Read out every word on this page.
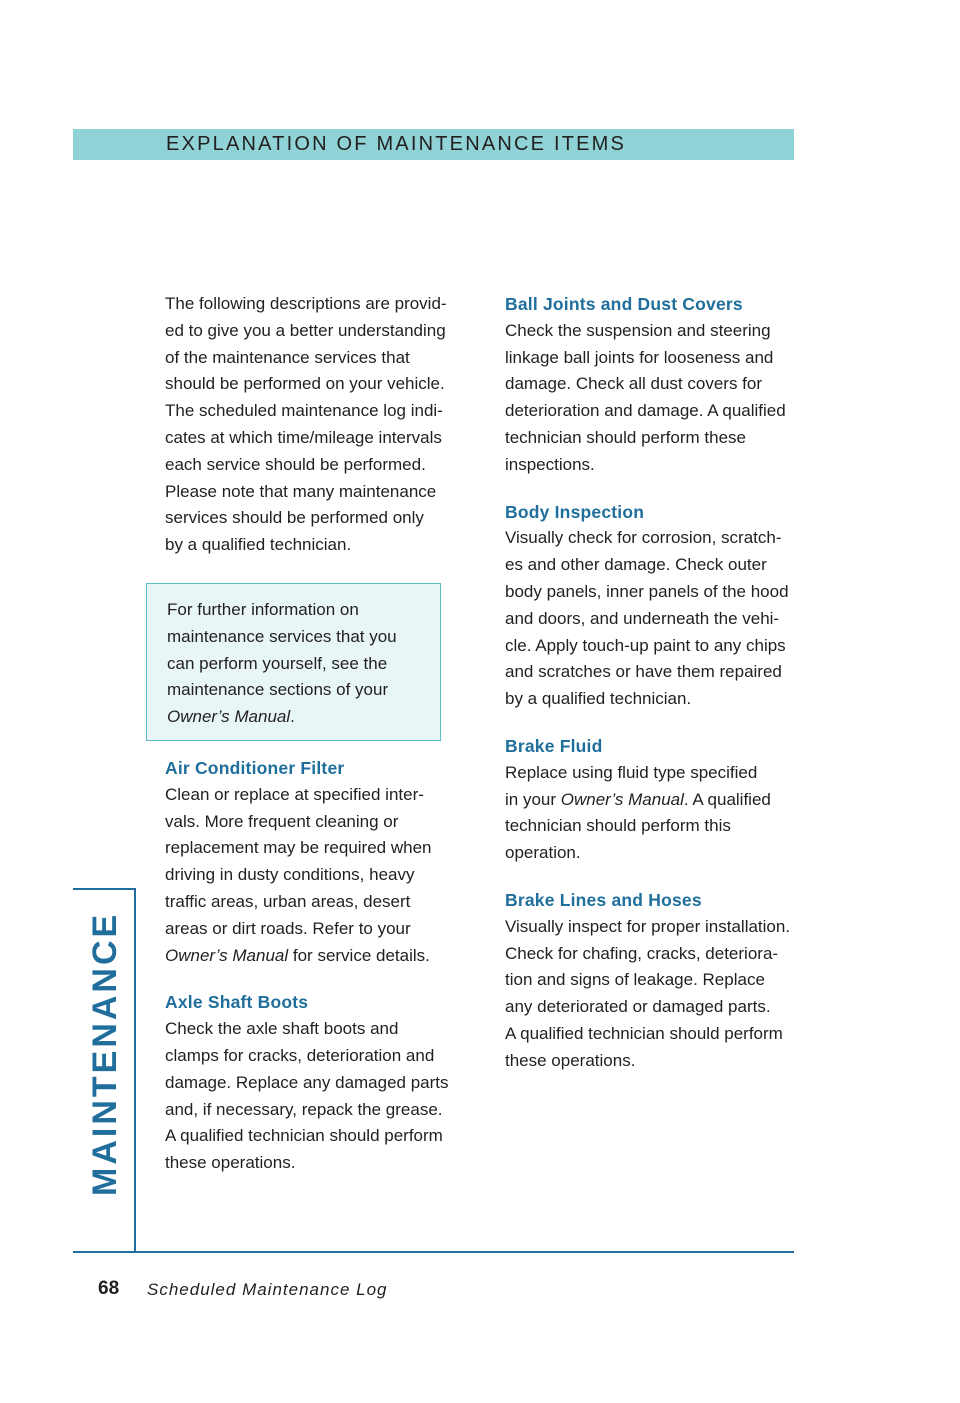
EXPLANATION OF MAINTENANCE ITEMS

The following descriptions are provid-

ed to give you a better understanding

of the maintenance services that

should be performed on your vehicle.

The scheduled maintenance log indi-

cates at which time/mileage intervals

each service should be performed.

Please note that many maintenance

services should be performed only

by a qualified technician.

For further information on

maintenance services that you

can perform yourself, see the

maintenance sections of your

Owner’s Manual.

Air Conditioner Filter

Clean or replace at specified inter-

vals. More frequent cleaning or

replacement may be required when

driving in dusty conditions, heavy

traffic areas, urban areas, desert

areas or dirt roads. Refer to your

Owner’s Manual for service details.

Axle Shaft Boots

Check the axle shaft boots and

clamps for cracks, deterioration and

damage. Replace any damaged parts

and, if necessary, repack the grease.

A qualified technician should perform

these operations.

Ball Joints and Dust Covers

Check the suspension and steering

linkage ball joints for looseness and

damage. Check all dust covers for

deterioration and damage. A qualified

technician should perform these

inspections.

Body Inspection

Visually check for corrosion, scratch-

es and other damage. Check outer

body panels, inner panels of the hood

and doors, and underneath the vehi-

cle. Apply touch-up paint to any chips

and scratches or have them repaired

by a qualified technician.

Brake Fluid

Replace using fluid type specified

in your Owner’s Manual. A qualified

technician should perform this

operation.

Brake Lines and Hoses

Visually inspect for proper installation.

Check for chafing, cracks, deteriora-

tion and signs of leakage. Replace

any deteriorated or damaged parts.

A qualified technician should perform

these operations.

MAINTENANCE
68 Scheduled Maintenance Log
